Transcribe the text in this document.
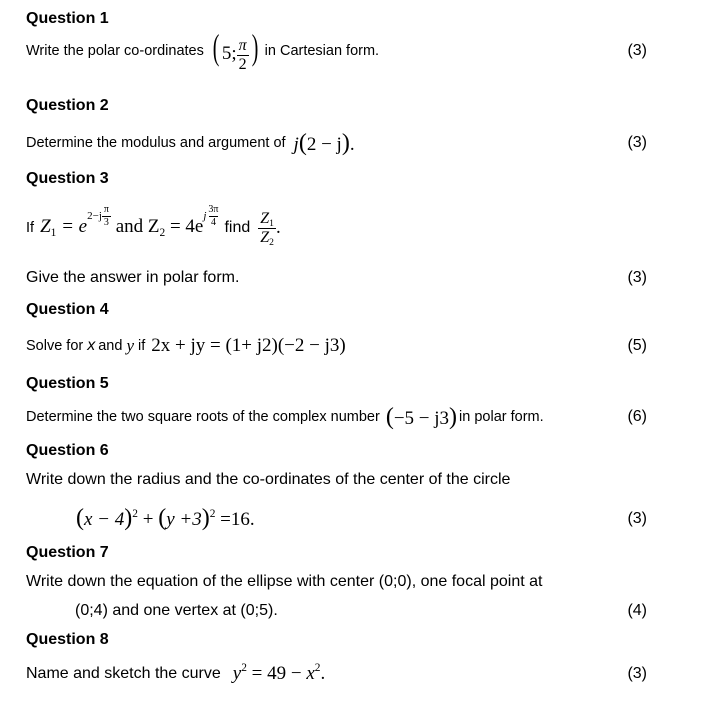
Question 1
Write the polar co-ordinates ( 5; $\frac{\pi}{2}$ ) in Cartesian form.	(3)
Question 2
Determine the modulus and argument of j(2 − j).	(3)
Question 3
If $Z_1 = e2-j \frac{\pi}{3}$ and $Z_2 = 4ej \frac{3\pi}{4}$ find $\frac{Z_1}{Z_2}$ .
Give the answer in polar form.	(3)
Question 4
Solve for x and y if 2x + jy = (1+ j2)(−2 − j3)	(5)
Question 5
Determine the two square roots of the complex number (−5 − j3) in polar form.	(6)
Question 6
Write down the radius and the co-ordinates of the center of the circle
$(x - 4)^2 + (y +3)^2 =16$.	(3)
Question 7
Write down the equation of the ellipse with center (0;0), one focal point at
(0;4) and one vertex at (0;5).	(4)
Question 8
Name and sketch the curve $y^2 = 49 - x^2$.	(3)
